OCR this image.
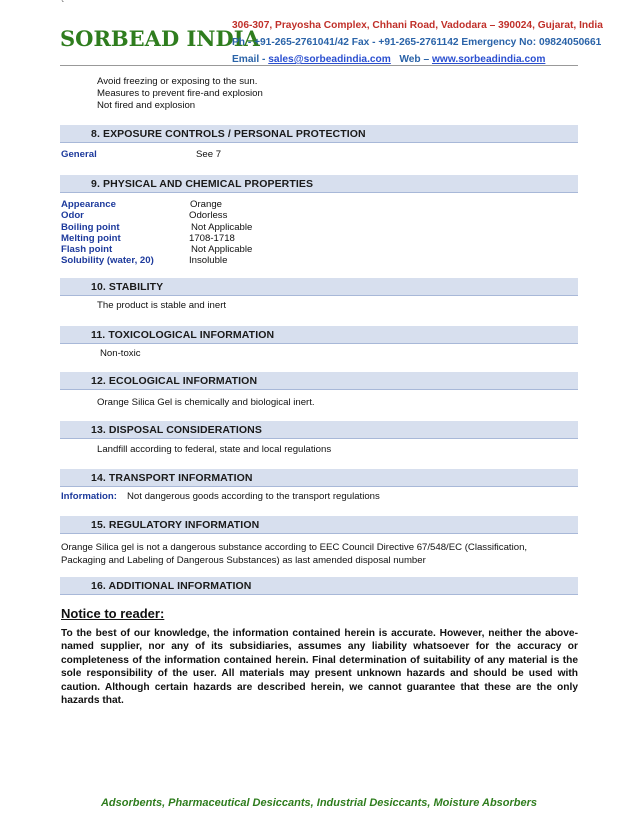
`
SORBEAD INDIA
306-307, Prayosha Complex, Chhani Road, Vadodara – 390024, Gujarat, India
Ph - +91-265-2761041/42 Fax - +91-265-2761142 Emergency No: 09824050661
Email - sales@sorbeadindia.com   Web – www.sorbeadindia.com
Avoid freezing or exposing to the sun.
Measures to prevent fire-and explosion
Not fired and explosion
8. EXPOSURE CONTROLS / PERSONAL PROTECTION
General	See 7
9. PHYSICAL AND CHEMICAL PROPERTIES
Appearance	Orange
Odor	Odorless
Boiling point	Not Applicable
Melting point	1708-1718
Flash point	Not Applicable
Solubility (water, 20)	Insoluble
10. STABILITY
The product is stable and inert
11. TOXICOLOGICAL INFORMATION
Non-toxic
12. ECOLOGICAL INFORMATION
Orange Silica Gel is chemically and biological inert.
13. DISPOSAL CONSIDERATIONS
Landfill according to federal, state and local regulations
14. TRANSPORT INFORMATION
Information: Not dangerous goods according to the transport regulations
15. REGULATORY INFORMATION
Orange Silica gel is not a dangerous substance according to EEC Council Directive 67/548/EC (Classification,
Packaging and Labeling of Dangerous Substances) as last amended disposal number
16. ADDITIONAL INFORMATION
Notice to reader:
To the best of our knowledge, the information contained herein is accurate. However, neither the above-named supplier, nor any of its subsidiaries, assumes any liability whatsoever for the accuracy or completeness of the information contained herein. Final determination of suitability of any material is the sole responsibility of the user. All materials may present unknown hazards and should be used with caution. Although certain hazards are described herein, we cannot guarantee that these are the only hazards that.
Adsorbents, Pharmaceutical Desiccants, Industrial Desiccants, Moisture Absorbers
